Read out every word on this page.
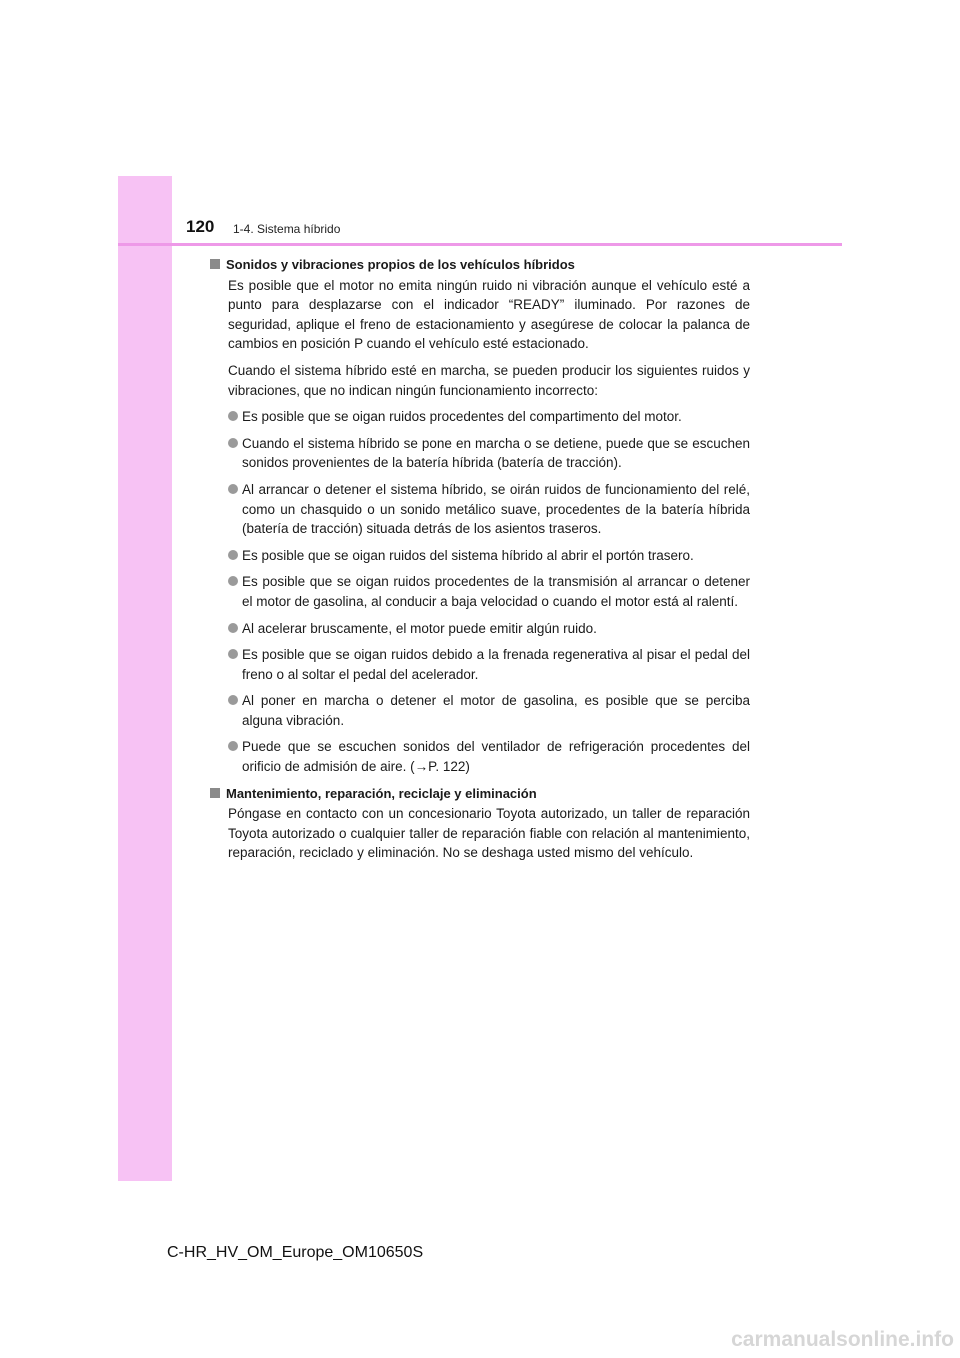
120 1-4. Sistema híbrido
Sonidos y vibraciones propios de los vehículos híbridos

Es posible que el motor no emita ningún ruido ni vibración aunque el vehículo esté a punto para desplazarse con el indicador “READY” iluminado. Por razones de seguridad, aplique el freno de estacionamiento y asegúrese de colocar la palanca de cambios en posición P cuando el vehículo esté estacionado.

Cuando el sistema híbrido esté en marcha, se pueden producir los siguientes ruidos y vibraciones, que no indican ningún funcionamiento incorrecto:

Es posible que se oigan ruidos procedentes del compartimento del motor.
Cuando el sistema híbrido se pone en marcha o se detiene, puede que se escuchen sonidos provenientes de la batería híbrida (batería de tracción).
Al arrancar o detener el sistema híbrido, se oirán ruidos de funcionamiento del relé, como un chasquido o un sonido metálico suave, procedentes de la batería híbrida (batería de tracción) situada detrás de los asientos traseros.
Es posible que se oigan ruidos del sistema híbrido al abrir el portón trasero.
Es posible que se oigan ruidos procedentes de la transmisión al arrancar o detener el motor de gasolina, al conducir a baja velocidad o cuando el motor está al ralentí.
Al acelerar bruscamente, el motor puede emitir algún ruido.
Es posible que se oigan ruidos debido a la frenada regenerativa al pisar el pedal del freno o al soltar el pedal del acelerador.
Al poner en marcha o detener el motor de gasolina, es posible que se perciba alguna vibración.
Puede que se escuchen sonidos del ventilador de refrigeración procedentes del orificio de admisión de aire. (→P. 122)
Mantenimiento, reparación, reciclaje y eliminación

Póngase en contacto con un concesionario Toyota autorizado, un taller de reparación Toyota autorizado o cualquier taller de reparación fiable con relación al mantenimiento, reparación, reciclado y eliminación. No se deshaga usted mismo del vehículo.

C-HR_HV_OM_Europe_OM10650S
carmanualsonline.info
